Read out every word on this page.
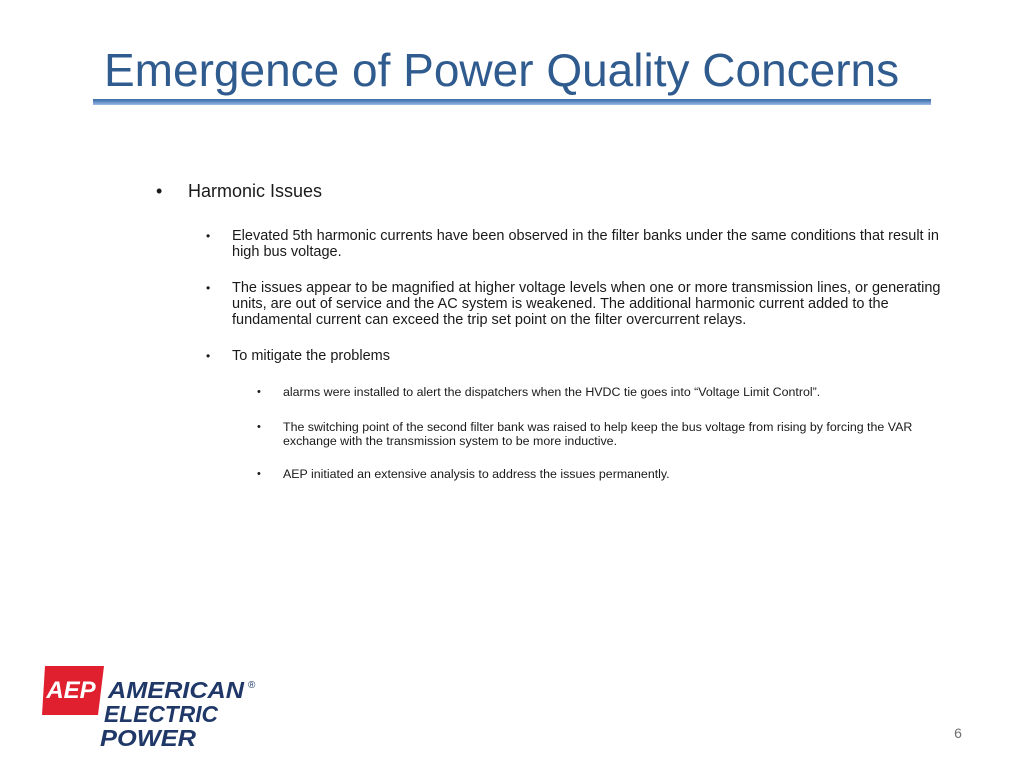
Emergence of Power Quality Concerns
• Harmonic Issues
• Elevated 5th harmonic currents have been observed in the filter banks under the same conditions that result in high bus voltage.
• The issues appear to be magnified at higher voltage levels when one or more transmission lines, or generating units, are out of service and the AC system is weakened. The additional harmonic current added to the fundamental current can exceed the trip set point on the filter overcurrent relays.
• To mitigate the problems
• alarms were installed to alert the dispatchers when the HVDC tie goes into “Voltage Limit Control”.
• The switching point of the second filter bank was raised to help keep the bus voltage from rising by forcing the VAR exchange with the transmission system to be more inductive.
• AEP initiated an extensive analysis to address the issues permanently.
AEP AMERICAN
ELECTRIC
POWER
®
6
